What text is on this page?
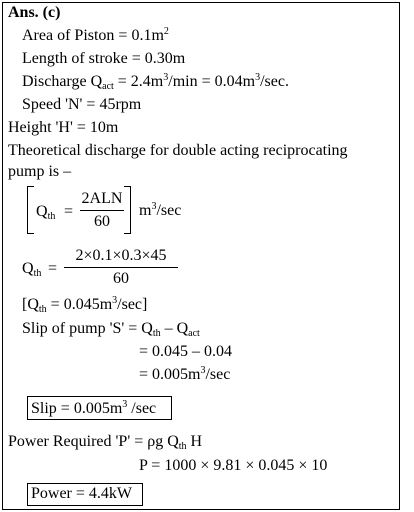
Ans. (c)
Area of Piston = $0.1m^2$
Length of stroke = 0.30m
Discharge $Q_{act} = 2.4m^3/\min = 0.04m^3/\sec$.
Speed 'N' = 45rpm
Height 'H' = 10m
Theoretical discharge for double acting reciprocating
pump is –
$Q_{th}$ =
2ALN
60
$m^3/\sec$
$Q_{th}$ =
2×0.1×0.3×45
60
$[Q_{th} = 0.045m^3/\sec]$
Slip of pump '$S' = Q_{th} - Q_{act}$
= 0.045 – 0.04
= $0.005m^3/\sec$
Slip = $0.005m^3$ /sec
Power Required 'P' = ρg $Q_{th}$ H
P = 1000 × 9.81 × 0.045 × 10
Power = 4.4kW
